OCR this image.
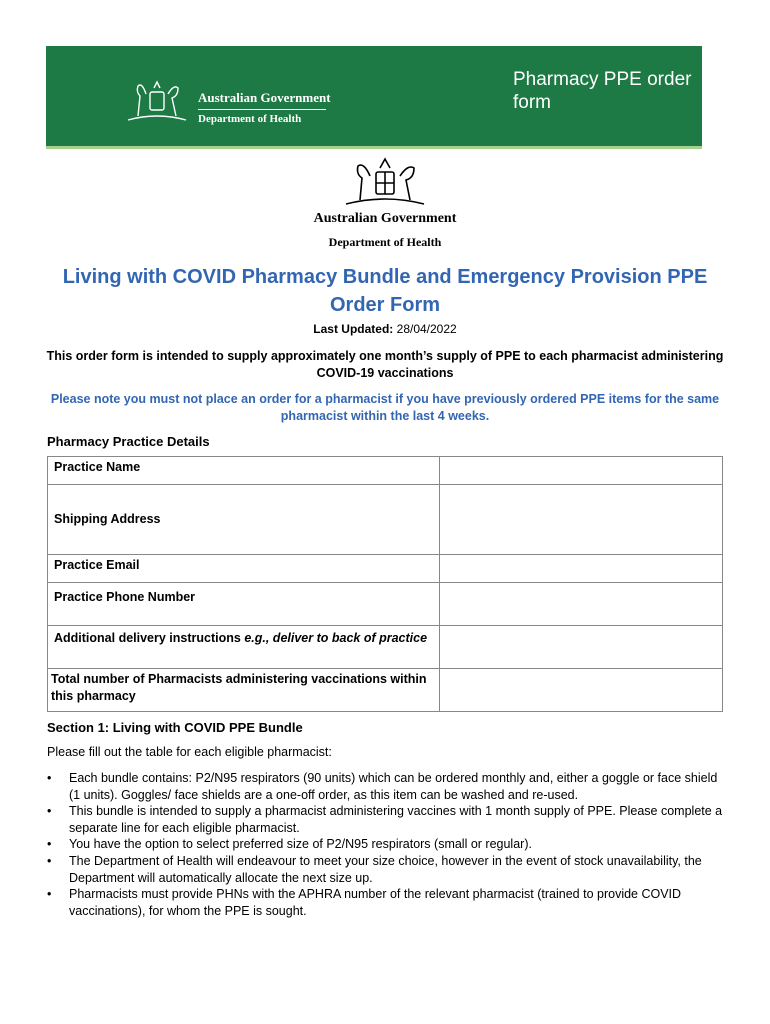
Australian Government
Department of Health
Pharmacy PPE order form
Australian Government
Department of Health
Living with COVID Pharmacy Bundle and Emergency Provision PPE Order Form
Last Updated: 28/04/2022
This order form is intended to supply approximately one month’s supply of PPE to each pharmacist administering COVID-19 vaccinations
Please note you must not place an order for a pharmacist if you have previously ordered PPE items for the same pharmacist within the last 4 weeks.
Pharmacy Practice Details
Practice Name	
Shipping Address	
Practice Email	
Practice Phone Number	
Additional delivery instructions e.g., deliver to back of practice	
Total number of Pharmacists administering vaccinations within this pharmacy	
Section 1: Living with COVID PPE Bundle
Please fill out the table for each eligible pharmacist:
• Each bundle contains: P2/N95 respirators (90 units) which can be ordered monthly and, either a goggle or face shield (1 units). Goggles/ face shields are a one-off order, as this item can be washed and re-used.
• This bundle is intended to supply a pharmacist administering vaccines with 1 month supply of PPE. Please complete a separate line for each eligible pharmacist.
• You have the option to select preferred size of P2/N95 respirators (small or regular).
• The Department of Health will endeavour to meet your size choice, however in the event of stock unavailability, the Department will automatically allocate the next size up.
• Pharmacists must provide PHNs with the APHRA number of the relevant pharmacist (trained to provide COVID vaccinations), for whom the PPE is sought.
